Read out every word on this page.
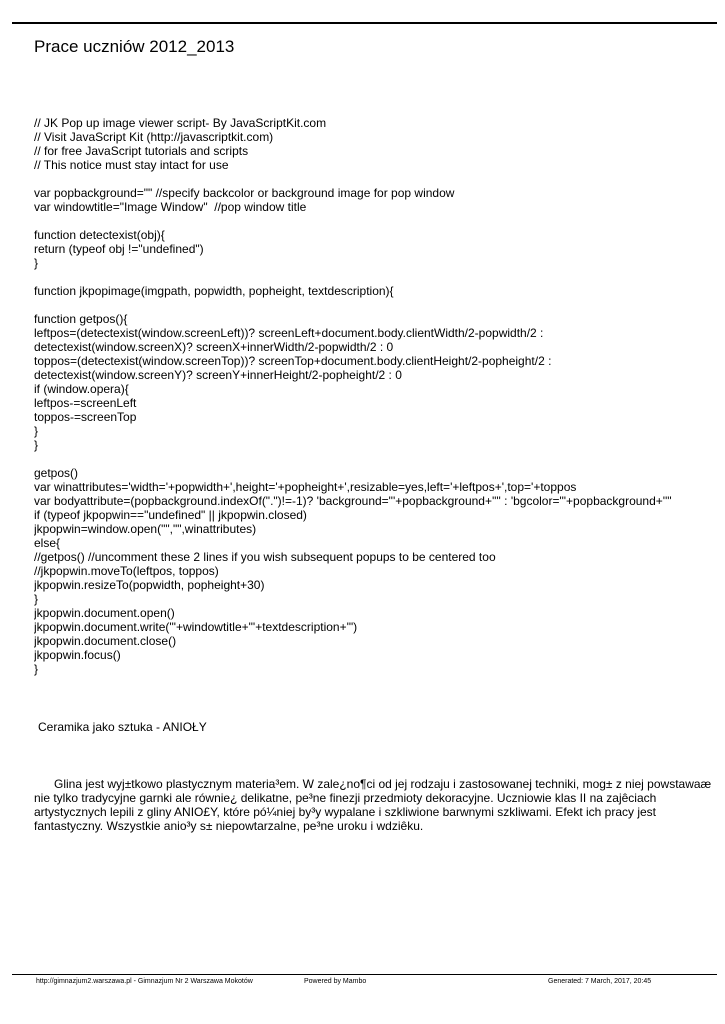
Prace uczniów 2012_2013
// JK Pop up image viewer script- By JavaScriptKit.com
// Visit JavaScript Kit (http://javascriptkit.com)
// for free JavaScript tutorials and scripts
// This notice must stay intact for use
var popbackground="" //specify backcolor or background image for pop window
var windowtitle="Image Window"  //pop window title
function detectexist(obj){
return (typeof obj !="undefined")
}
function jkpopimage(imgpath, popwidth, popheight, textdescription){
function getpos(){
leftpos=(detectexist(window.screenLeft))? screenLeft+document.body.clientWidth/2-popwidth/2 :
detectexist(window.screenX)? screenX+innerWidth/2-popwidth/2 : 0
toppos=(detectexist(window.screenTop))? screenTop+document.body.clientHeight/2-popheight/2 :
detectexist(window.screenY)? screenY+innerHeight/2-popheight/2 : 0
if (window.opera){
leftpos-=screenLeft
toppos-=screenTop
}
}
getpos()
var winattributes='width='+popwidth+',height='+popheight+',resizable=yes,left='+leftpos+',top='+toppos
var bodyattribute=(popbackground.indexOf(".")!=-1)? 'background="'+popbackground+'"' : 'bgcolor="'+popbackground+'"'
if (typeof jkpopwin=="undefined" || jkpopwin.closed)
jkpopwin=window.open("","",winattributes)
else{
//getpos() //uncomment these 2 lines if you wish subsequent popups to be centered too
//jkpopwin.moveTo(leftpos, toppos)
jkpopwin.resizeTo(popwidth, popheight+30)
}
jkpopwin.document.open()
jkpopwin.document.write('"+windowtitle+"'+textdescription+'")
jkpopwin.document.close()
jkpopwin.focus()
}
Ceramika jako sztuka - ANIOŁY
Glina jest wyj±tkowo plastycznym materia³em. W zale¿no¶ci od jej rodzaju i zastosowanej techniki, mog± z niej powstawaæ
nie tylko tradycyjne garnki ale równie¿ delikatne, pe³ne finezji przedmioty dekoracyjne. Uczniowie klas II na zajêciach
artystycznych lepili z gliny ANIO£Y, które pó¼niej by³y wypalane i szkliwione barwnymi szkliwami. Efekt ich pracy jest
fantastyczny. Wszystkie anio³y s± niepowtarzalne, pe³ne uroku i wdziêku.
http://gimnazjum2.warszawa.pl - Gimnazjum Nr 2 Warszawa Mokotów	Powered by Mambo	Generated: 7 March, 2017, 20:45
